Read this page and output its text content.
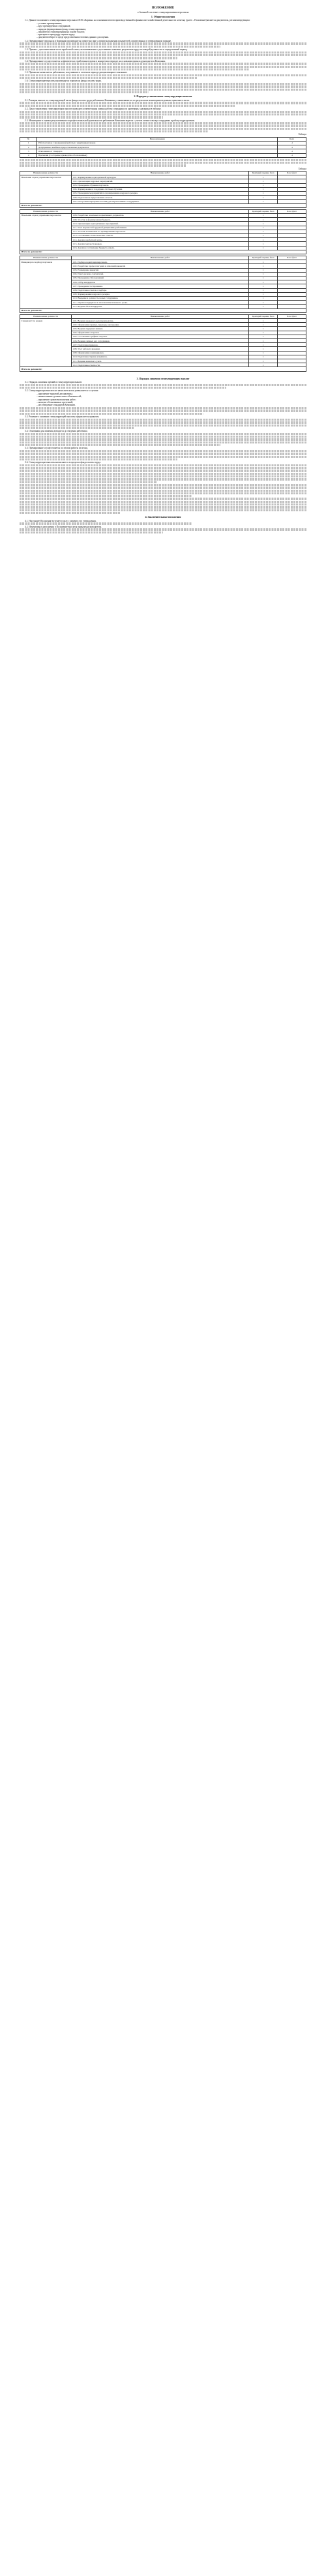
ПОЛОЖЕНИЕ
о бальной системе стимулирования персонала
1. Общие положения

1.1. Данное положение о стимулировании персонала ООО «Карман» на основании итогов производственной и финансово-хозяйственной деятельности за месяц (далее – Положение) является документом, регламентирующим:

– условия премирования;
– круг премируемых сотрудников;
– порядок формирования фонда стимулирования;
– показатели стимулирования на основе баллов;
– критерии и процедуру оценки труда;
– документооборот в среде представления итоговых данных для оценки.

1.2. Премирование персонала в Компании производится совместно при условии выполнения показателей, определенных в утвержденном порядке.

1.3. Премия – дополнительная часть заработной платы, выплачиваемая за достижение плановых результатов труда по каждой должности за определенный период.

1.4. Премирование осуществляется за фактически отработанное время в конкретном периоде на основании приказа руководителя Компании.

1.5. Премия не начисляется работникам, получившим в отчетном периоде дисциплинарное взыскание.

1.6. Стимулирующие выплаты производятся в пределах фонда оплаты труда.

2. Порядок установления стимулирующих выплат

2.1. Размеры выплат по стимулирующей части фонда оплаты труда работникам Компании устанавливаются по результатам мониторинга в рамках оценочного листа.

2.2. Для установления стимулирующих выплат проводится ежемесячная оценка работы сотрудника по критериям, указанным в таблице.

2.3. Мониторинг и оценка результативности профессиональной деятельности работников Компании ведется с учетом личного вклада сотрудника в работу подразделения.

Таблица
№	Вид нарушения	Балл
1	Работа (слепок с проведенной работы) с нарушением сроков	-1
2	Допущенные ошибки в предоставленных документах	-1
3	Отклонение от стандарта	-1
4	Претензии (со стороны руководства обоснованные)	-1
Таблица
Наименование должности	Наименование работ	Критерий оценки, балл	Балл факт
Начальник отдела управления персоналом	1.01. Формирование корпоративной культуры.	1	
	1.02. Организация кадровых мероприятий.	1	
	1.03. Проведение обучения персонала.	1	
	1.04. Формирование и поддержка системы обучения.	1	
	1.05. Проведение мероприятий по формированию кадрового резерва.	1	
	1.06. Подготовка и представление отчетов.	1	
	1.07. Построение карьерных лестниц для перспективных сотрудников.	1	
Итого по должности:			
Наименование должности	Наименование работ	Критерий оценки, балл	Балл факт
Начальник отдела управления персоналом	1.08. Разработка локальных нормативных документов.	1	
	1.09. Участие в формировании бюджета.	1	
	1.10. Организация корпоративных мероприятий.	1	
	1.11. Учет ведомостей трудовой дисциплины работников.	1	
	1.12. Участие в комиссиях по премированию персонала.	1	
	1.13. Составление статистических отчетов.	1	
	1.14. Анализ заработной платы.	1	
	1.15. Анализ текучести кадров.	1	
	1.16. Анализ и составление бюджета отдела.	1	
Итого по должности:			
Наименование должности	Наименование работ	Критерий оценки, балл	Балл факт
Менеджер по подбору персонала	1.01. Подбор и адаптация персонала.	1	
	1.02. Разработка профессиограмм и описаний вакансий.	1	
	1.03. Размещение вакансий.	1	
	1.04. Поиск резюме соискателей.	1	
	1.05. Проведение собеседований.	1	
	1.06. Отбор кандидатов.	1	
	1.07. Проведение тестирования.	1	
	1.08. Подготовка отчетов о подборе.	1	
	1.09. Формирование кадрового резерва.	1	
	1.10. Введение в должность новых сотрудников.	1	
	1.11. Оценка кандидатов по итогам испытательного срока.	1	
	1.12. Ведение базы кандидатов.	1	
Итого по должности:			
Наименование должности	Наименование работ	Критерий оценки, балл	Балл факт
Специалист по кадрам	1.01. Ведение кадрового делопроизводства.	1	
	1.02. Оформление приема, перевода, увольнения.	1	
	1.03. Ведение трудовых книжек.	1	
	1.04. Оформление отпусков.	1	
	1.05. Составление графика отпусков.	1	
	1.06. Ведение личных дел сотрудников.	1	
	1.07. Подготовка приказов.	1	
	1.08. Учет рабочего времени.	1	
	1.09. Оформление командировок.	1	
	1.10. Подготовка справок и выписок.	1	
	1.11. Ведение воинского учета.	1	
	1.12. Подготовка отчетности.	1	
Итого по должности:			
3. Порядок лишения стимулирующих выплат

3.1. Порядок лишения премий и стимулирующих выплат.

3.2. Стимулирующая выплата не начисляется или уменьшается в случаях:

– нарушение трудовой дисциплины;
– невыполнение должностных обязанностей;
– нарушение сроков выполнения работ;
– наличие обоснованных претензий;
– несоблюдение стандартов Компании.

3.3. Решение о лишении стимулирующей выплаты оформляется приказом.

3.4. Основания для лишения доводятся до сведения работника.

3.5. Премирование осуществляется по итогам работы за месяц.

3.6. Стимулирующие выплаты начисляются в пределах фонда оплаты труда.

4. Заключительные положения

4.1. Настоящее Положение вступает в силу с момента его утверждения.

4.2. Изменения и дополнения в Положение вносятся приказом руководителя.
